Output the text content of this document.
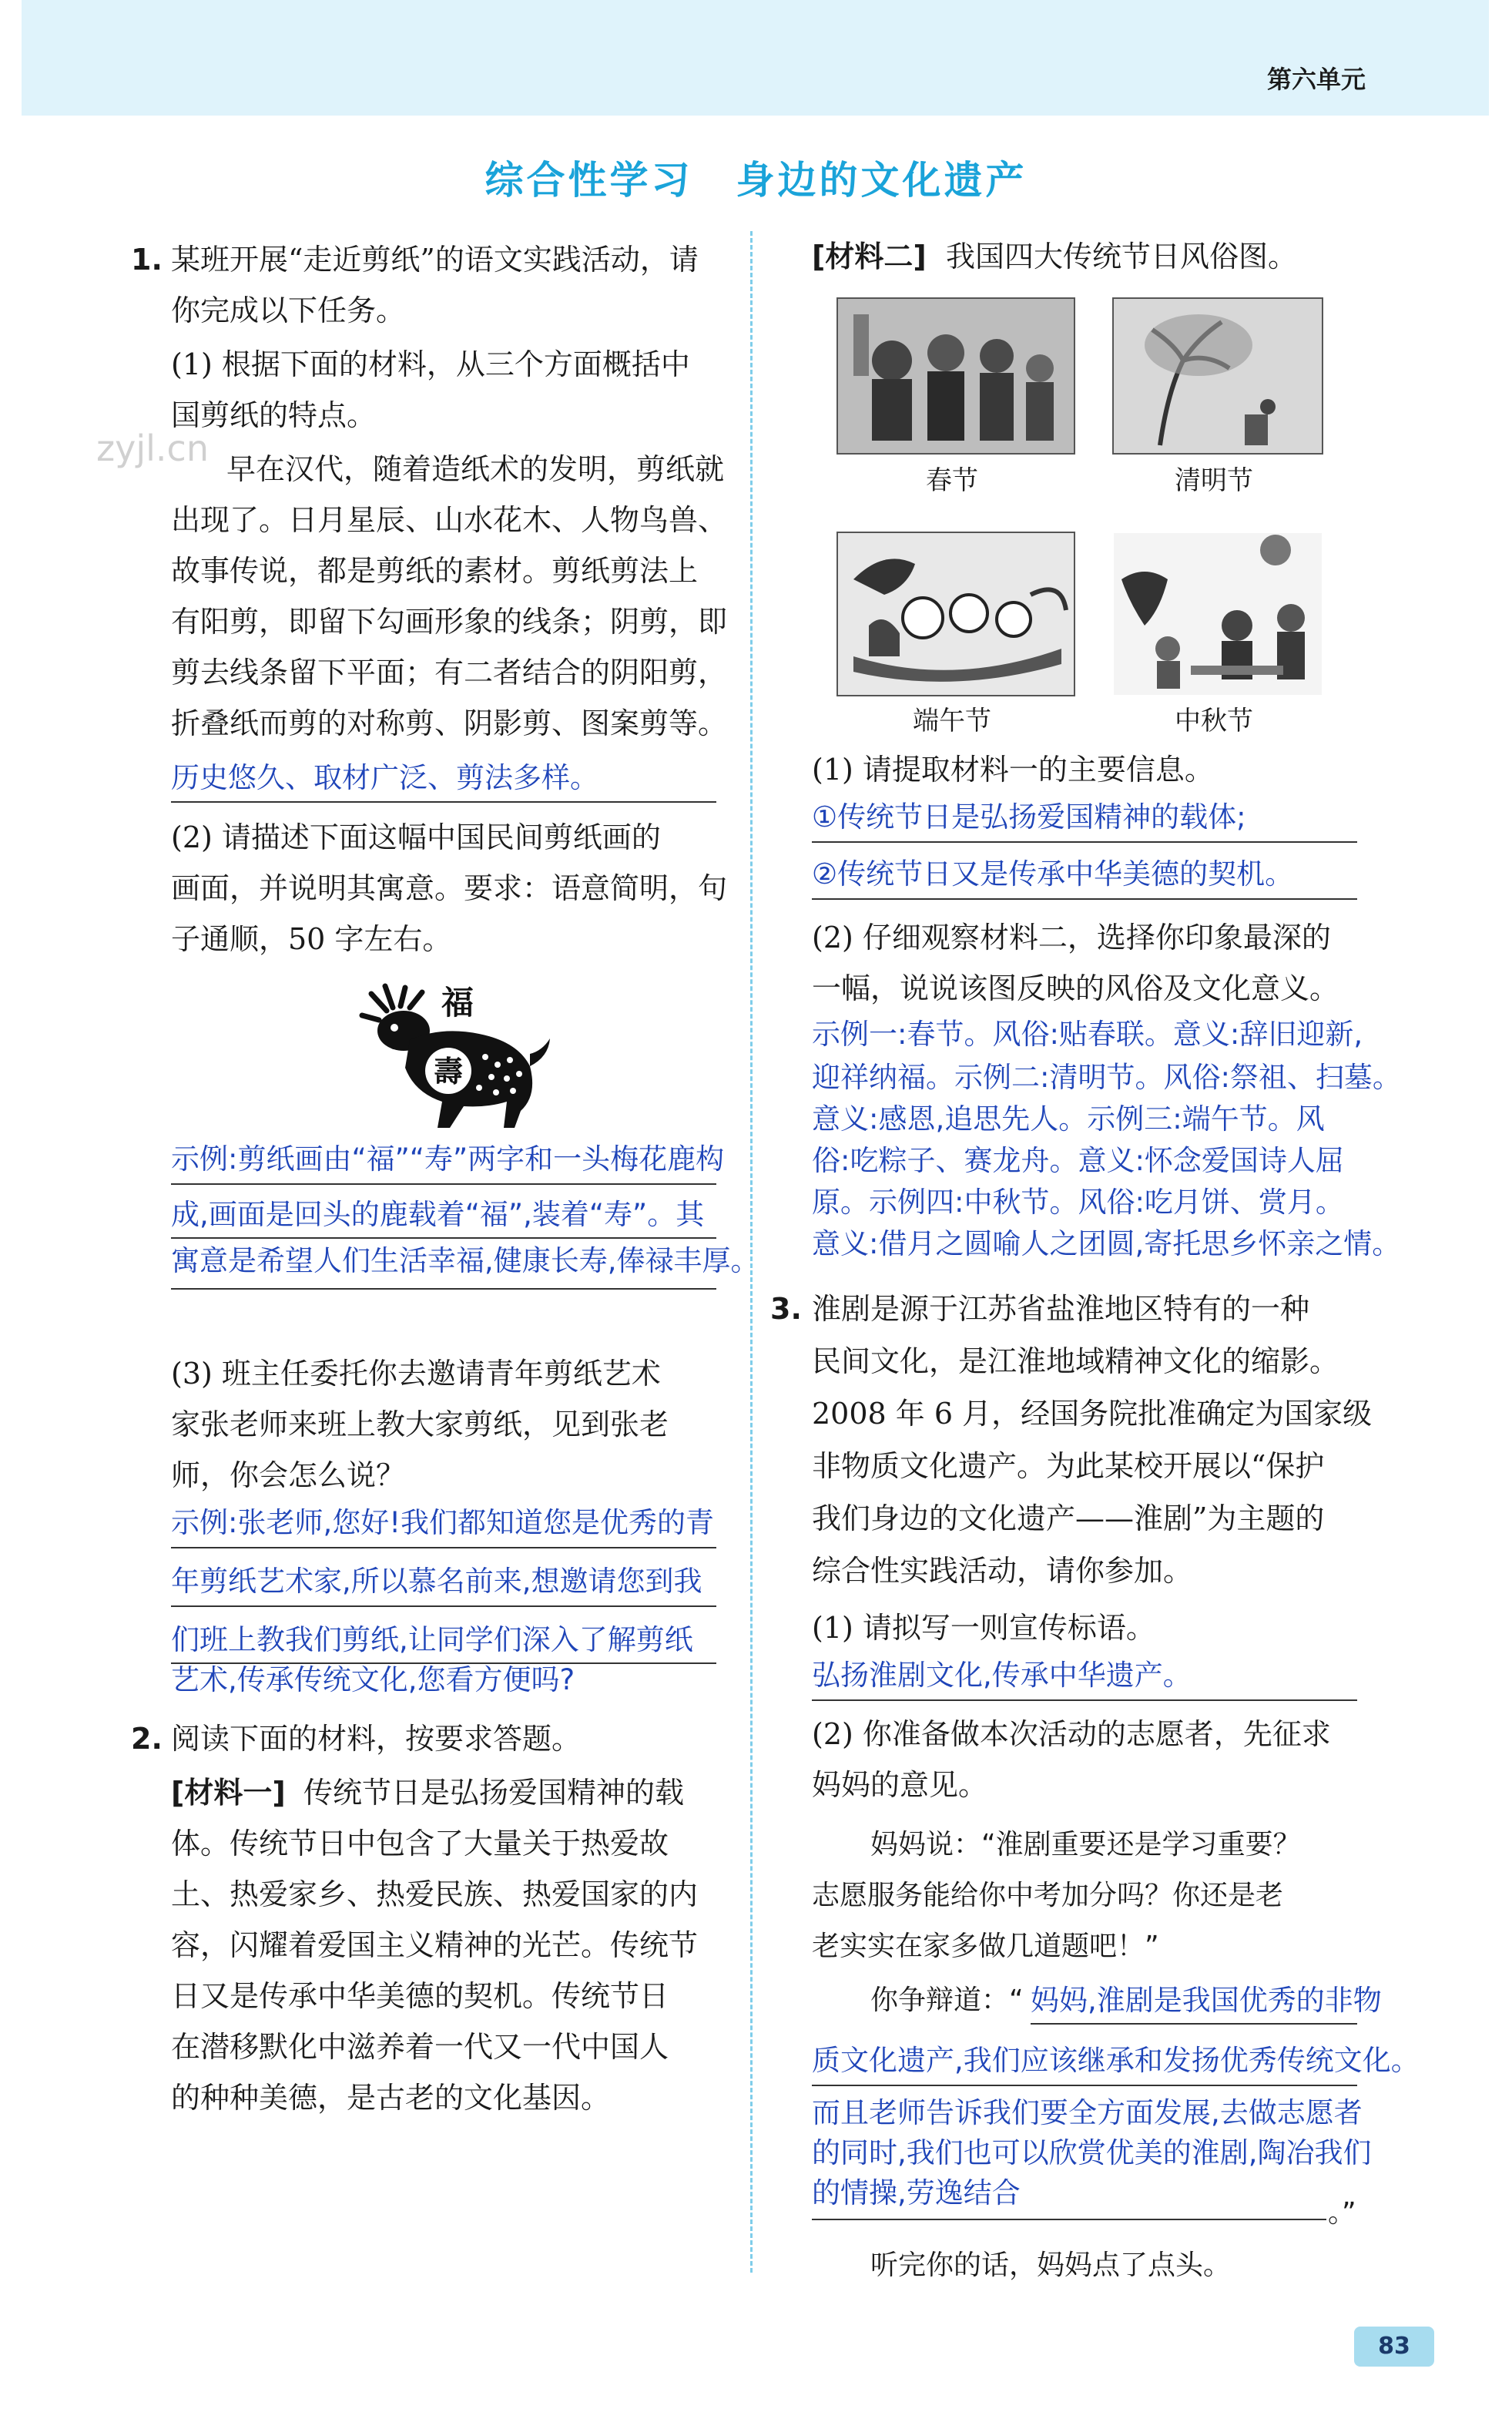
第六单元
综合性学习 身边的文化遗产
zyjl.cn
1. 某班开展“走近剪纸”的语文实践活动，请
你完成以下任务。
(1) 根据下面的材料，从三个方面概括中
国剪纸的特点。
早在汉代，随着造纸术的发明，剪纸就
出现了。日月星辰、山水花木、人物鸟兽、
故事传说，都是剪纸的素材。剪纸剪法上
有阳剪，即留下勾画形象的线条；阴剪，即
剪去线条留下平面；有二者结合的阴阳剪，
折叠纸而剪的对称剪、阴影剪、图案剪等。
历史悠久、取材广泛、剪法多样。
(2) 请描述下面这幅中国民间剪纸画的
画面，并说明其寓意。要求：语意简明，句
子通顺，50 字左右。
壽
福
示例:剪纸画由“福”“寿”两字和一头梅花鹿构
成,画面是回头的鹿载着“福”,装着“寿”。其
寓意是希望人们生活幸福,健康长寿,俸禄丰厚。
(3) 班主任委托你去邀请青年剪纸艺术
家张老师来班上教大家剪纸，见到张老
师，你会怎么说？
示例:张老师,您好!我们都知道您是优秀的青
年剪纸艺术家,所以慕名前来,想邀请您到我
们班上教我们剪纸,让同学们深入了解剪纸
艺术,传承传统文化,您看方便吗?
2. 阅读下面的材料，按要求答题。
[材料一] 传统节日是弘扬爱国精神的载
体。传统节日中包含了大量关于热爱故
土、热爱家乡、热爱民族、热爱国家的内
容，闪耀着爱国主义精神的光芒。传统节
日又是传承中华美德的契机。传统节日
在潜移默化中滋养着一代又一代中国人
的种种美德，是古老的文化基因。
[材料二] 我国四大传统节日风俗图。
春节	清明节
端午节	中秋节
(1) 请提取材料一的主要信息。
①传统节日是弘扬爱国精神的载体;
②传统节日又是传承中华美德的契机。
(2) 仔细观察材料二，选择你印象最深的
一幅，说说该图反映的风俗及文化意义。
示例一:春节。风俗:贴春联。意义:辞旧迎新,
迎祥纳福。示例二:清明节。风俗:祭祖、扫墓。
意义:感恩,追思先人。示例三:端午节。风
俗:吃粽子、赛龙舟。意义:怀念爱国诗人屈
原。示例四:中秋节。风俗:吃月饼、赏月。
意义:借月之圆喻人之团圆,寄托思乡怀亲之情。
3. 淮剧是源于江苏省盐淮地区特有的一种
民间文化，是江淮地域精神文化的缩影。
2008 年 6 月，经国务院批准确定为国家级
非物质文化遗产。为此某校开展以“保护
我们身边的文化遗产——淮剧”为主题的
综合性实践活动，请你参加。
(1) 请拟写一则宣传标语。
弘扬淮剧文化,传承中华遗产。
(2) 你准备做本次活动的志愿者，先征求
妈妈的意见。
妈妈说：“淮剧重要还是学习重要？
志愿服务能给你中考加分吗？你还是老
老实实在家多做几道题吧！”
你争辩道：“ 妈妈,淮剧是我国优秀的非物
质文化遗产,我们应该继承和发扬优秀传统文化。
而且老师告诉我们要全方面发展,去做志愿者
的同时,我们也可以欣赏优美的淮剧,陶冶我们
的情操,劳逸结合
。”
听完你的话，妈妈点了点头。
83
